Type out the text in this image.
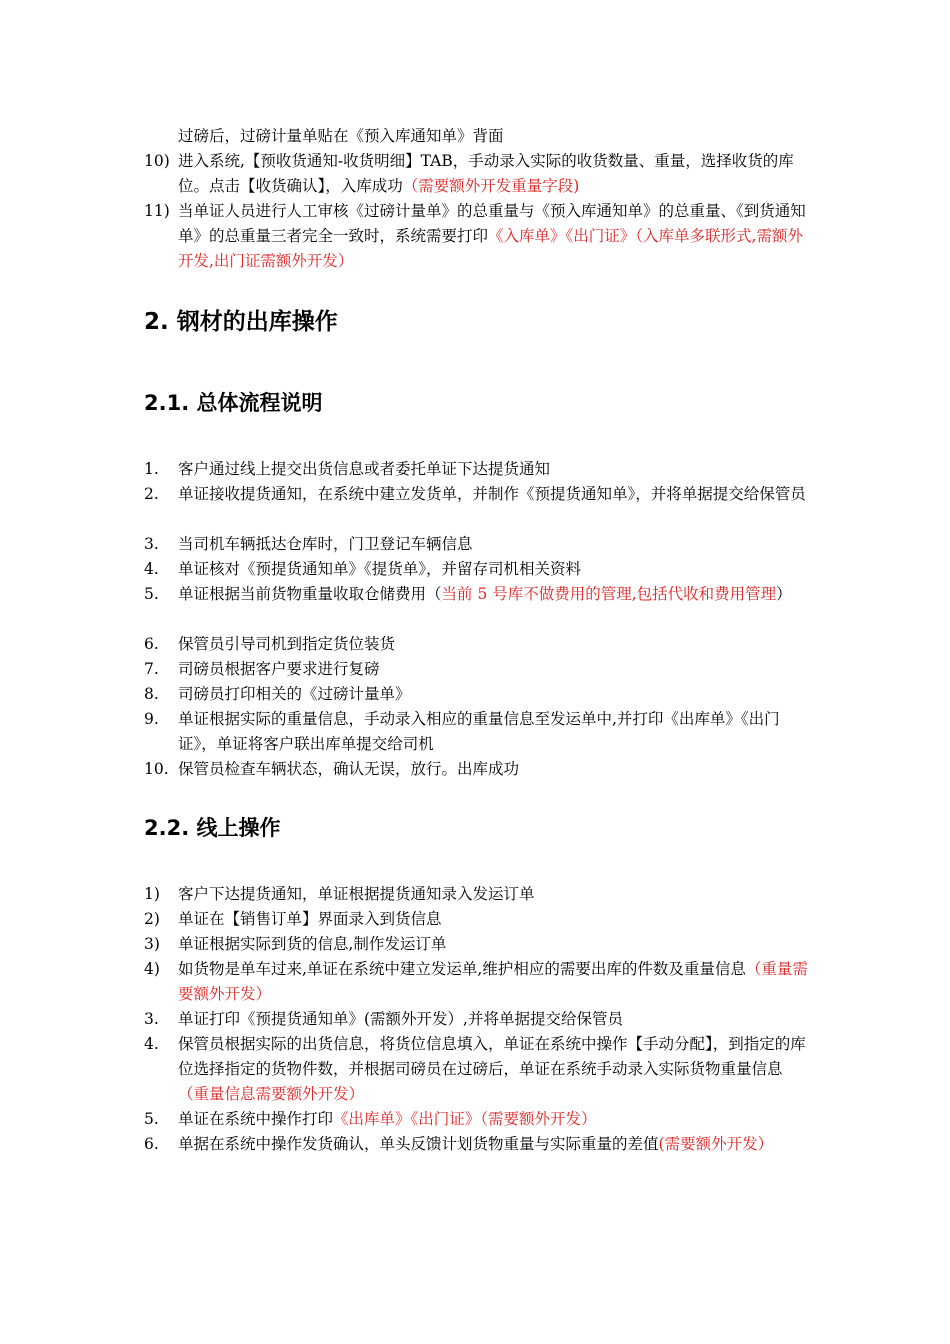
过磅后，过磅计量单贴在《预入库通知单》背面
10) 进入系统,【预收货通知-收货明细】TAB，手动录入实际的收货数量、重量，选择收货的库位。点击【收货确认】，入库成功（需要额外开发重量字段)
11) 当单证人员进行人工审核《过磅计量单》的总重量与《预入库通知单》的总重量、《到货通知单》的总重量三者完全一致时，系统需要打印《入库单》《出门证》（入库单多联形式,需额外开发,出门证需额外开发）
2. 钢材的出库操作
2.1. 总体流程说明
1.	客户通过线上提交出货信息或者委托单证下达提货通知
2.	单证接收提货通知，在系统中建立发货单，并制作《预提货通知单》，并将单据提交给保管员
3.	当司机车辆抵达仓库时，门卫登记车辆信息
4.	单证核对《预提货通知单》《提货单》，并留存司机相关资料
5.	单证根据当前货物重量收取仓储费用（当前 5 号库不做费用的管理,包括代收和费用管理）
6.	保管员引导司机到指定货位装货
7.	司磅员根据客户要求进行复磅
8.	司磅员打印相关的《过磅计量单》
9.	单证根据实际的重量信息，手动录入相应的重量信息至发运单中,并打印《出库单》《出门证》，单证将客户联出库单提交给司机
10. 保管员检查车辆状态，确认无误，放行。出库成功
2.2. 线上操作
1)	客户下达提货通知，单证根据提货通知录入发运订单
2)	单证在【销售订单】界面录入到货信息
3)	单证根据实际到货的信息,制作发运订单
4)	如货物是单车过来,单证在系统中建立发运单,维护相应的需要出库的件数及重量信息（重量需要额外开发）
3.	单证打印《预提货通知单》(需额外开发）,并将单据提交给保管员
4.	保管员根据实际的出货信息，将货位信息填入，单证在系统中操作【手动分配】，到指定的库位选择指定的货物件数，并根据司磅员在过磅后，单证在系统手动录入实际货物重量信息（重量信息需要额外开发）
5.	单证在系统中操作打印《出库单》《出门证》（需要额外开发）
6.	单据在系统中操作发货确认，单头反馈计划货物重量与实际重量的差值(需要额外开发）
